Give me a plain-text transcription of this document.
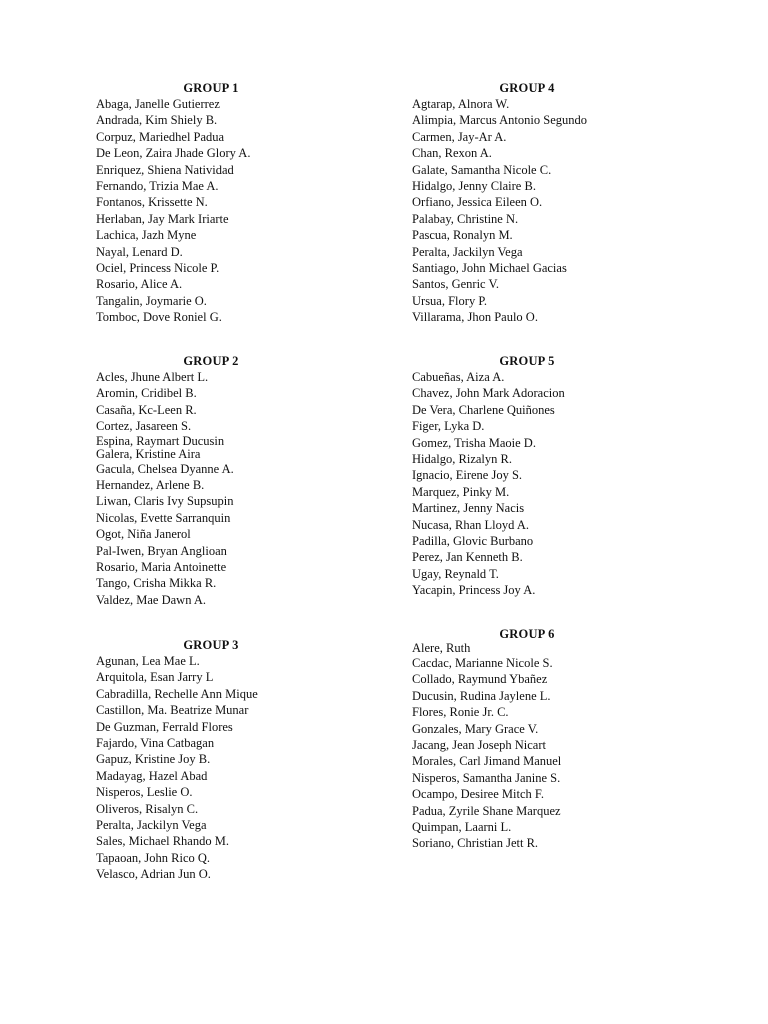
GROUP 1
Abaga, Janelle Gutierrez
Andrada, Kim Shiely B.
Corpuz, Mariedhel Padua
De Leon, Zaira Jhade Glory A.
Enriquez, Shiena Natividad
Fernando, Trizia Mae A.
Fontanos, Krissette N.
Herlaban, Jay Mark Iriarte
Lachica, Jazh Myne
Nayal, Lenard D.
Ociel, Princess Nicole P.
Rosario, Alice A.
Tangalin, Joymarie O.
Tomboc, Dove Roniel G.
GROUP 2
Acles, Jhune Albert L.
Aromin, Cridibel B.
Casaña, Kc-Leen R.
Cortez, Jasareen S.
Espina, Raymart Ducusin
Galera, Kristine Aira
Gacula, Chelsea Dyanne A.
Hernandez, Arlene B.
Liwan, Claris Ivy Supsupin
Nicolas, Evette Sarranquin
Ogot, Niña Janerol
Pal-Iwen, Bryan Anglioan
Rosario, Maria Antoinette
Tango, Crisha Mikka R.
Valdez, Mae Dawn A.
GROUP 3
Agunan, Lea Mae L.
Arquitola, Esan Jarry L
Cabradilla, Rechelle Ann Mique
Castillon, Ma. Beatrize Munar
De Guzman, Ferrald Flores
Fajardo, Vina Catbagan
Gapuz, Kristine Joy B.
Madayag, Hazel Abad
Nisperos, Leslie O.
Oliveros, Risalyn C.
Peralta, Jackilyn Vega
Sales, Michael Rhando M.
Tapaoan, John Rico Q.
Velasco, Adrian Jun O.
GROUP 4
Agtarap, Alnora W.
Alimpia, Marcus Antonio Segundo
Carmen, Jay-Ar A.
Chan, Rexon A.
Galate, Samantha Nicole C.
Hidalgo, Jenny Claire B.
Orfiano, Jessica Eileen O.
Palabay, Christine N.
Pascua, Ronalyn M.
Peralta, Jackilyn Vega
Santiago, John Michael Gacias
Santos, Genric V.
Ursua, Flory P.
Villarama, Jhon Paulo O.
GROUP 5
Cabueñas, Aiza A.
Chavez, John Mark Adoracion
De Vera, Charlene Quiñones
Figer, Lyka D.
Gomez, Trisha Maoie D.
Hidalgo, Rizalyn R.
Ignacio, Eirene Joy S.
Marquez, Pinky M.
Martinez, Jenny Nacis
Nucasa, Rhan Lloyd A.
Padilla, Glovic Burbano
Perez, Jan Kenneth B.
Ugay, Reynald T.
Yacapin, Princess Joy A.
GROUP 6
Alere, Ruth
Cacdac, Marianne Nicole S.
Collado, Raymund Ybañez
Ducusin, Rudina Jaylene L.
Flores, Ronie Jr. C.
Gonzales, Mary Grace V.
Jacang, Jean Joseph Nicart
Morales, Carl Jimand Manuel
Nisperos, Samantha Janine S.
Ocampo, Desiree Mitch F.
Padua, Zyrile Shane Marquez
Quimpan, Laarni L.
Soriano, Christian Jett R.
